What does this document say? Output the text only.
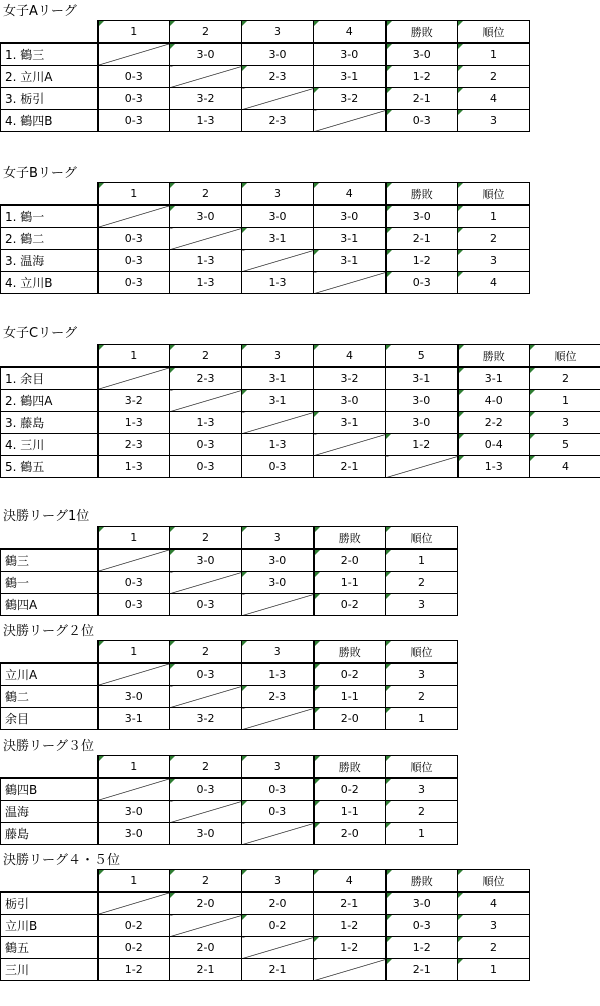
女子Aリーグ
	1	2	3	4	勝敗	順位
1. 鶴三		3-0	3-0	3-0	3-0	1
2. 立川A	0-3		2-3	3-1	1-2	2
3. 栃引	0-3	3-2		3-2	2-1	4
4. 鶴四B	0-3	1-3	2-3		0-3	3
女子Bリーグ
	1	2	3	4	勝敗	順位
1. 鶴一		3-0	3-0	3-0	3-0	1
2. 鶴二	0-3		3-1	3-1	2-1	2
3. 温海	0-3	1-3		3-1	1-2	3
4. 立川B	0-3	1-3	1-3		0-3	4
女子Cリーグ
	1	2	3	4	5	勝敗	順位
1. 余目		2-3	3-1	3-2	3-1	3-1	2
2. 鶴四A	3-2		3-1	3-0	3-0	4-0	1
3. 藤島	1-3	1-3		3-1	3-0	2-2	3
4. 三川	2-3	0-3	1-3		1-2	0-4	5
5. 鶴五	1-3	0-3	0-3	2-1		1-3	4
決勝リーグ1位
	1	2	3	勝敗	順位
鶴三		3-0	3-0	2-0	1
鶴一	0-3		3-0	1-1	2
鶴四A	0-3	0-3		0-2	3
決勝リーグ２位
	1	2	3	勝敗	順位
立川A		0-3	1-3	0-2	3
鶴二	3-0		2-3	1-1	2
余目	3-1	3-2		2-0	1
決勝リーグ３位
	1	2	3	勝敗	順位
鶴四B		0-3	0-3	0-2	3
温海	3-0		0-3	1-1	2
藤島	3-0	3-0		2-0	1
決勝リーグ４・５位
	1	2	3	4	勝敗	順位
栃引		2-0	2-0	2-1	3-0	4
立川B	0-2		0-2	1-2	0-3	3
鶴五	0-2	2-0		1-2	1-2	2
三川	1-2	2-1	2-1		2-1	1
